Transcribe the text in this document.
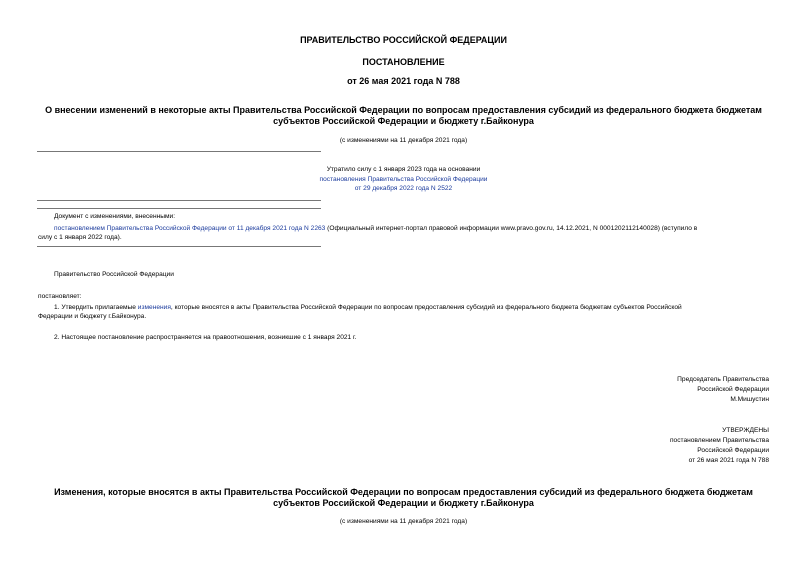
ПРАВИТЕЛЬСТВО РОССИЙСКОЙ ФЕДЕРАЦИИ
ПОСТАНОВЛЕНИЕ
от 26 мая 2021 года N 788

О внесении изменений в некоторые акты Правительства Российской Федерации по вопросам предоставления субсидий из федерального бюджета бюджетам

субъектов Российской Федерации и бюджету г.Байконура

(с изменениями на 11 декабря 2021 года)

Утратило силу с 1 января 2023 года на основании

постановления Правительства Российской Федерации

от 29 декабря 2022 года N 2522

Документ с изменениями, внесенными:

постановлением Правительства Российской Федерации от 11 декабря 2021 года N 2263 (Официальный интернет-портал правовой информации www.pravo.gov.ru, 14.12.2021, N 0001202112140028) (вступило в

силу с 1 января 2022 года).
Правительство Российской Федерации
постановляет:

1. Утвердить прилагаемые изменения, которые вносятся в акты Правительства Российской Федерации по вопросам предоставления субсидий из федерального бюджета бюджетам субъектов Российской

Федерации и бюджету г.Байконура.
2. Настоящее постановление распространяется на правоотношения, возникшие с 1 января 2021 г.

Председатель Правительства

Российской Федерации

М.Мишустин

УТВЕРЖДЕНЫ

постановлением Правительства

Российской Федерации

от 26 мая 2021 года N 788

Изменения, которые вносятся в акты Правительства Российской Федерации по вопросам предоставления субсидий из федерального бюджета бюджетам

субъектов Российской Федерации и бюджету г.Байконура

(с изменениями на 11 декабря 2021 года)
